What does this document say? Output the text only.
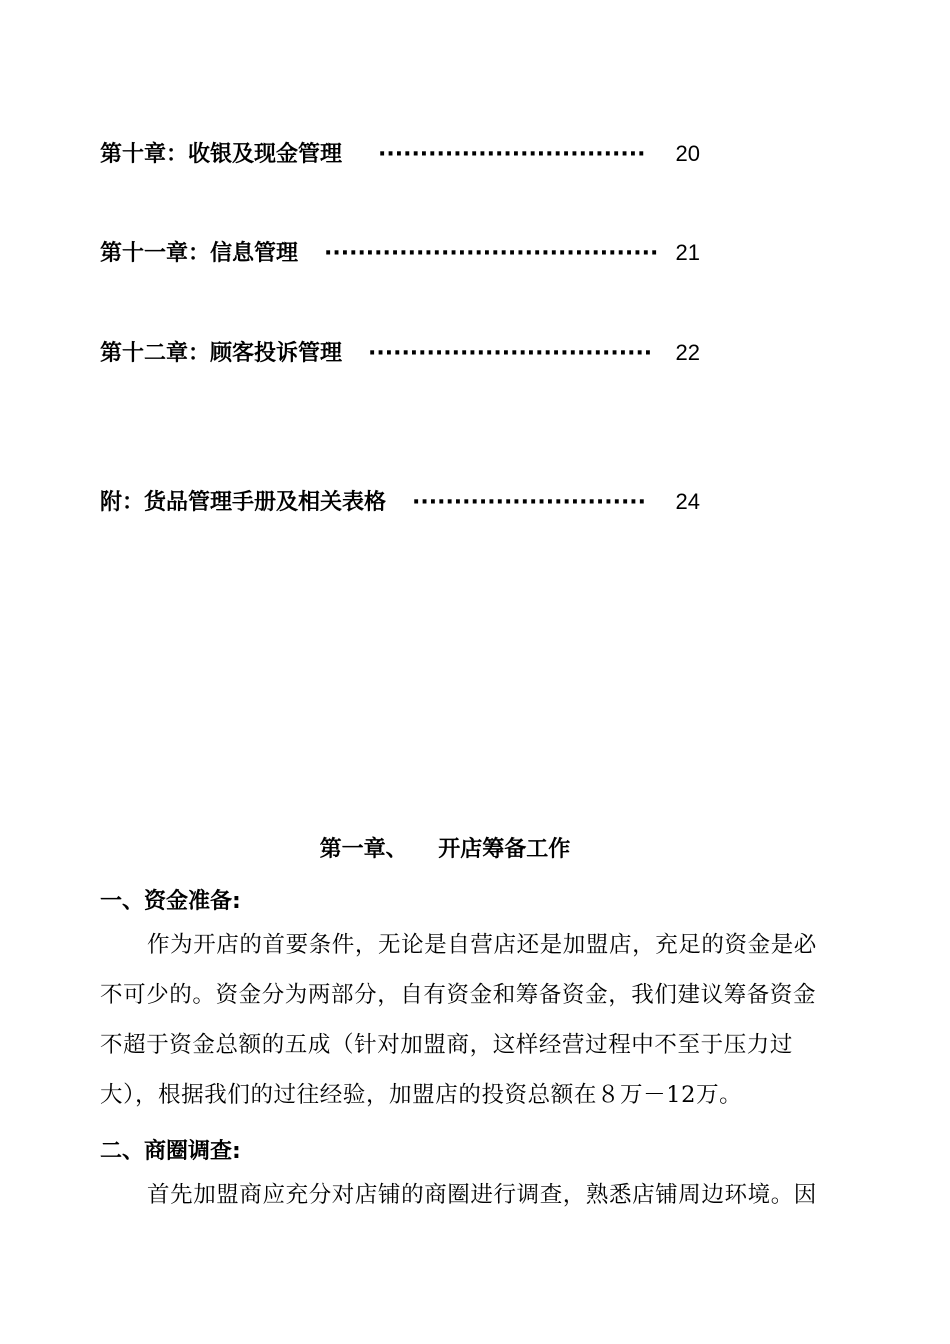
第十章：收银及现金管理 ································	20
第十一章：信息管理 ········································ 21
第十二章：顾客投诉管理 ··································	22
附：货品管理手册及相关表格 ····························	24
第一章、    开店筹备工作
一、资金准备:
作为开店的首要条件，无论是自营店还是加盟店，充足的资金是必
不可少的。资金分为两部分，自有资金和筹备资金，我们建议筹备资金
不超于资金总额的五成（针对加盟商，这样经营过程中不至于压力过
大），根据我们的过往经验，加盟店的投资总额在８万－12万。
二、商圈调查:
首先加盟商应充分对店铺的商圈进行调查，熟悉店铺周边环境。因
